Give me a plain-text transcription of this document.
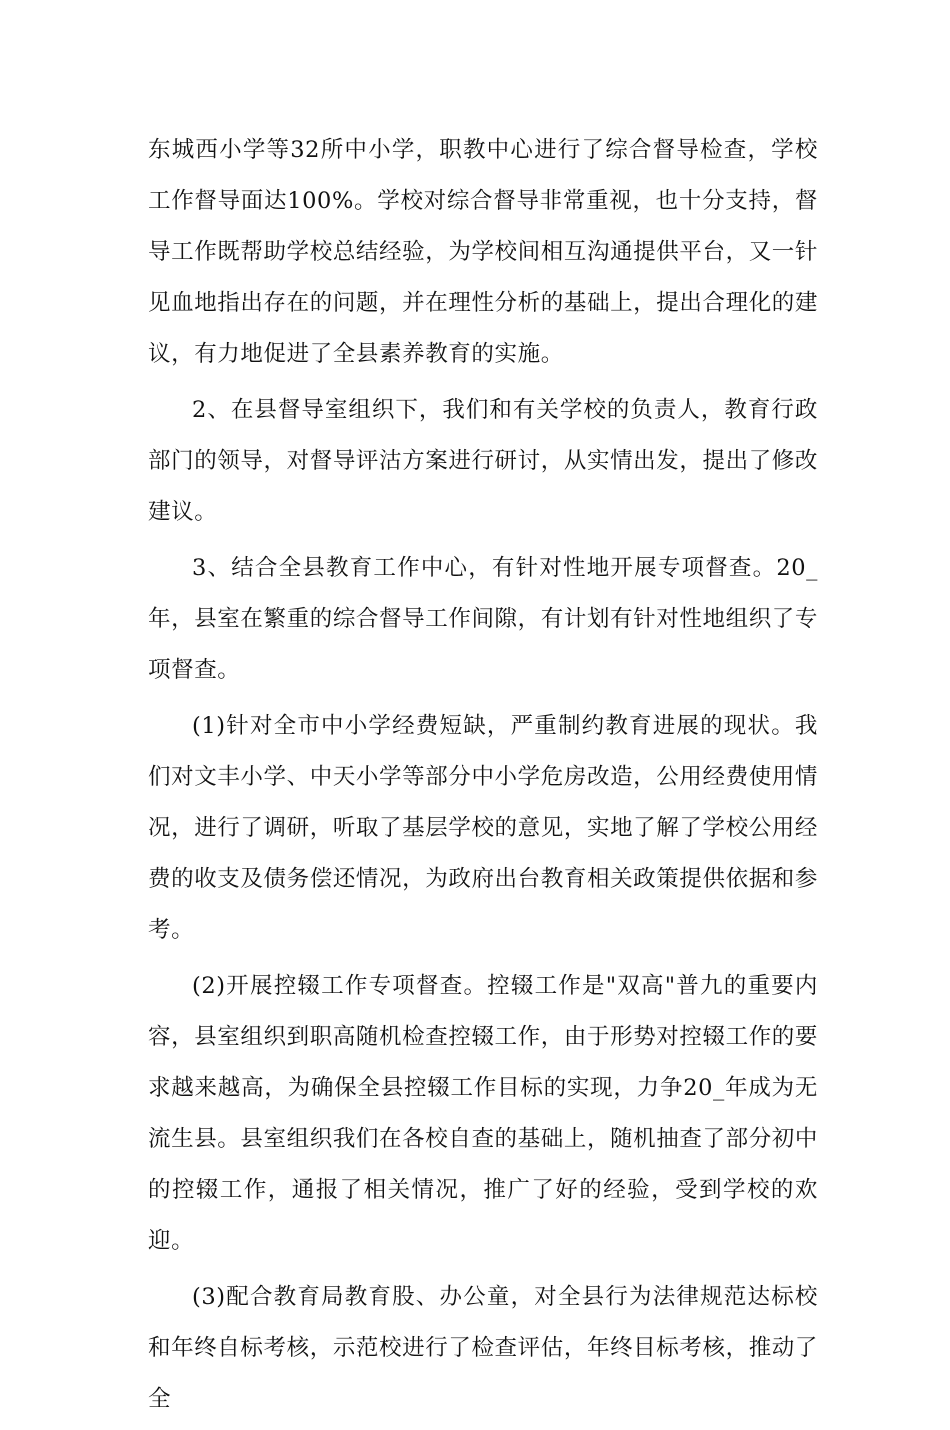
东城西小学等32所中小学，职教中心进行了综合督导检查，学校工作督导面达100%。学校对综合督导非常重视，也十分支持，督导工作既帮助学校总结经验，为学校间相互沟通提供平台，又一针见血地指出存在的问题，并在理性分析的基础上，提出合理化的建议，有力地促进了全县素养教育的实施。

2、在县督导室组织下，我们和有关学校的负责人，教育行政部门的领导，对督导评沽方案进行研讨，从实情出发，提出了修改建议。

3、结合全县教育工作中心，有针对性地开展专项督查。20_年，县室在繁重的综合督导工作间隙，有计划有针对性地组织了专项督查。

(1)针对全市中小学经费短缺，严重制约教育进展的现状。我们对文丰小学、中天小学等部分中小学危房改造，公用经费使用情况，进行了调研，听取了基层学校的意见，实地了解了学校公用经费的收支及债务偿还情况，为政府出台教育相关政策提供依据和参考。

(2)开展控辍工作专项督查。控辍工作是"双高"普九的重要内容，县室组织到职高随机检查控辍工作，由于形势对控辍工作的要求越来越高，为确保全县控辍工作目标的实现，力争20_年成为无流生县。县室组织我们在各校自查的基础上，随机抽查了部分初中的控辍工作，通报了相关情况，推广了好的经验，受到学校的欢迎。

(3)配合教育局教育股、办公童，对全县行为法律规范达标校和年终自标考核，示范校进行了检查评估，年终目标考核，推动了全
